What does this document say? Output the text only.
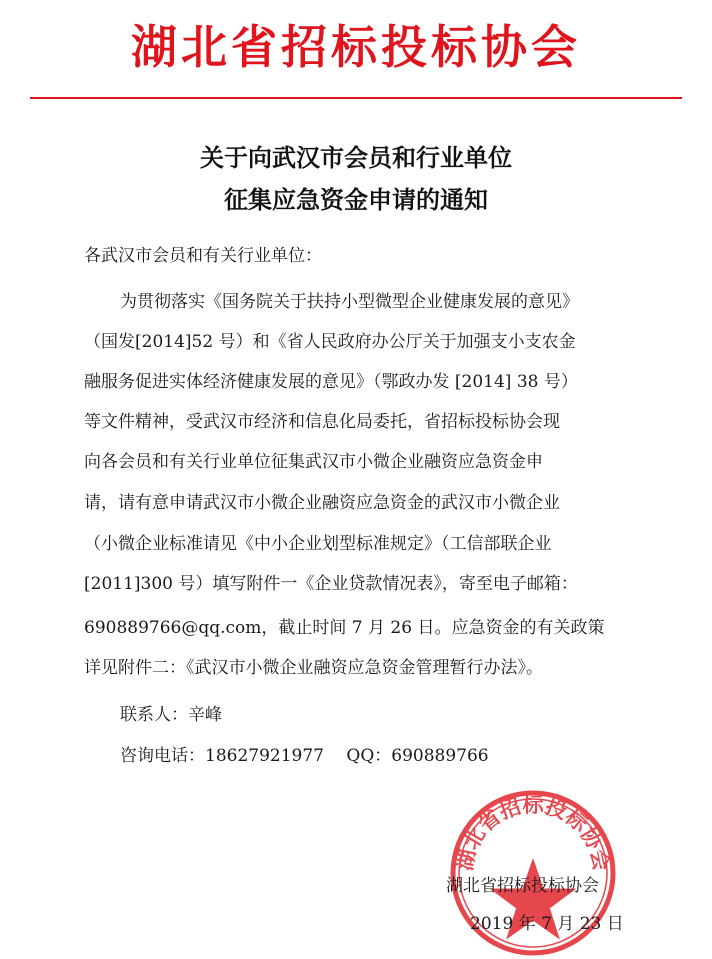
湖北省招标投标协会
关于向武汉市会员和行业单位
征集应急资金申请的通知
各武汉市会员和有关行业单位：
为贯彻落实《国务院关于扶持小型微型企业健康发展的意见》
（国发[2014]52 号）和《省人民政府办公厅关于加强支小支农金
融服务促进实体经济健康发展的意见》（鄂政办发 [2014] 38 号）
等文件精神，受武汉市经济和信息化局委托，省招标投标协会现
向各会员和有关行业单位征集武汉市小微企业融资应急资金申
请，请有意申请武汉市小微企业融资应急资金的武汉市小微企业
（小微企业标准请见《中小企业划型标准规定》（工信部联企业
[2011]300 号）填写附件一《企业贷款情况表》，寄至电子邮箱：
690889766@qq.com，截止时间 7 月 26 日。应急资金的有关政策
详见附件二：《武汉市小微企业融资应急资金管理暂行办法》。
联系人：辛峰
咨询电话：18627921977　 QQ：690889766
湖北省招标投标协会
湖北省招标投标协会
2019 年 7 月 23 日
